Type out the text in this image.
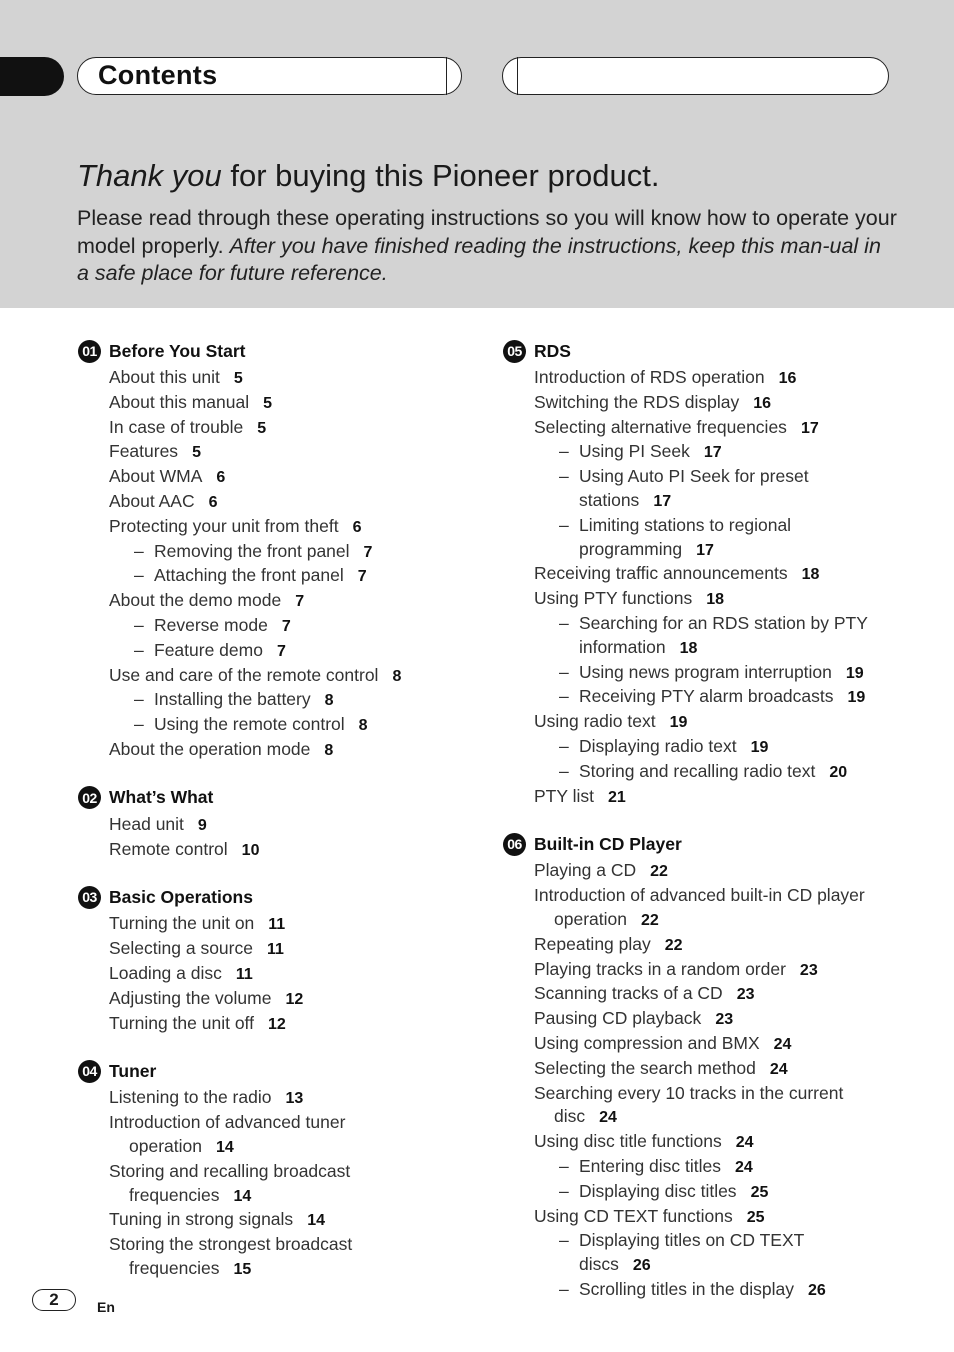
Contents
Thank you for buying this Pioneer product.
Please read through these operating instructions so you will know how to operate your model properly. After you have finished reading the instructions, keep this man-ual in a safe place for future reference.
01 Before You Start
About this unit 5
About this manual 5
In case of trouble 5
Features 5
About WMA 6
About AAC 6
Protecting your unit from theft 6
– Removing the front panel 7
– Attaching the front panel 7
About the demo mode 7
– Reverse mode 7
– Feature demo 7
Use and care of the remote control 8
– Installing the battery 8
– Using the remote control 8
About the operation mode 8
02 What’s What
Head unit 9
Remote control 10
03 Basic Operations
Turning the unit on 11
Selecting a source 11
Loading a disc 11
Adjusting the volume 12
Turning the unit off 12
04 Tuner
Listening to the radio 13
Introduction of advanced tuner
operation 14
Storing and recalling broadcast
frequencies 14
Tuning in strong signals 14
Storing the strongest broadcast
frequencies 15
05 RDS
Introduction of RDS operation 16
Switching the RDS display 16
Selecting alternative frequencies 17
– Using PI Seek 17
– Using Auto PI Seek for preset
stations 17
– Limiting stations to regional
programming 17
Receiving traffic announcements 18
Using PTY functions 18
– Searching for an RDS station by PTY
information 18
– Using news program interruption 19
– Receiving PTY alarm broadcasts 19
Using radio text 19
– Displaying radio text 19
– Storing and recalling radio text 20
PTY list 21
06 Built-in CD Player
Playing a CD 22
Introduction of advanced built-in CD player
operation 22
Repeating play 22
Playing tracks in a random order 23
Scanning tracks of a CD 23
Pausing CD playback 23
Using compression and BMX 24
Selecting the search method 24
Searching every 10 tracks in the current
disc 24
Using disc title functions 24
– Entering disc titles 24
– Displaying disc titles 25
Using CD TEXT functions 25
– Displaying titles on CD TEXT
discs 26
– Scrolling titles in the display 26
2	En
